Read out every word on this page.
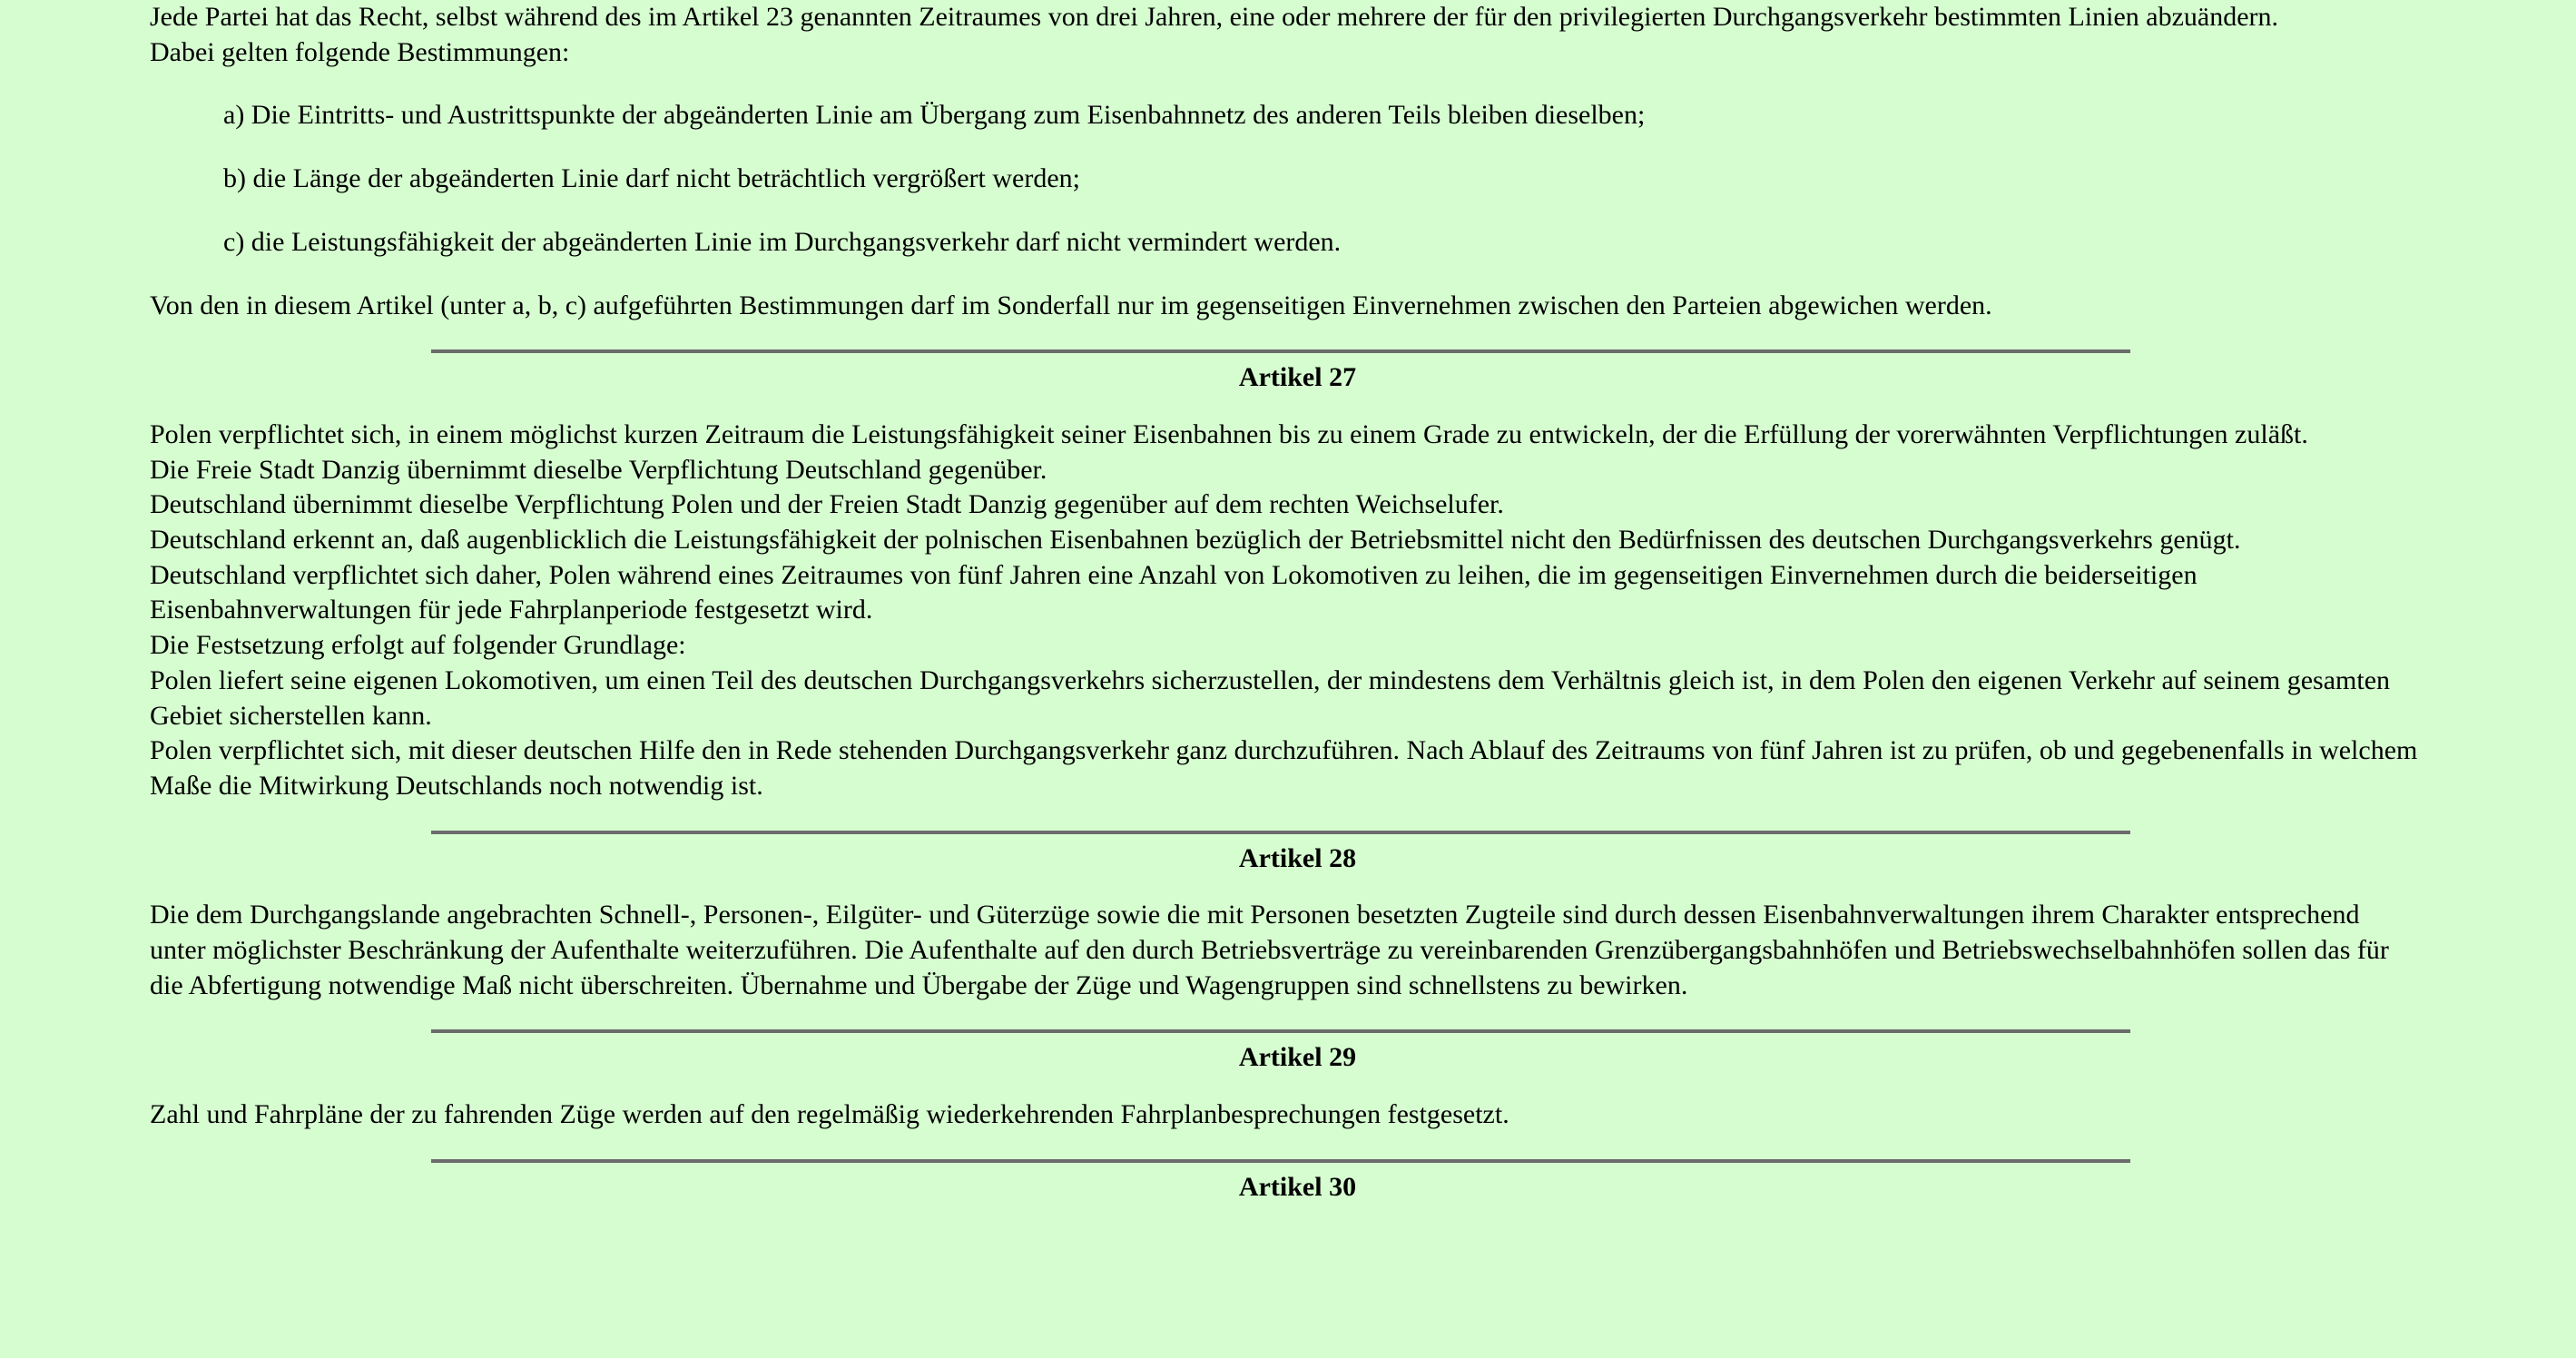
Jede Partei hat das Recht, selbst während des im Artikel 23 genannten Zeitraumes von drei Jahren, eine oder mehrere der für den privilegierten Durchgangsverkehr bestimmten Linien abzuändern.

Dabei gelten folgende Bestimmungen:

a) Die Eintritts- und Austrittspunkte der abgeänderten Linie am Übergang zum Eisenbahnnetz des anderen Teils bleiben dieselben;

b) die Länge der abgeänderten Linie darf nicht beträchtlich vergrößert werden;

c) die Leistungsfähigkeit der abgeänderten Linie im Durchgangsverkehr darf nicht vermindert werden.

Von den in diesem Artikel (unter a, b, c) aufgeführten Bestimmungen darf im Sonderfall nur im gegenseitigen Einvernehmen zwischen den Parteien abgewichen werden.

Artikel 27

Polen verpflichtet sich, in einem möglichst kurzen Zeitraum die Leistungsfähigkeit seiner Eisenbahnen bis zu einem Grade zu entwickeln, der die Erfüllung der vorerwähnten Verpflichtungen zuläßt.

Die Freie Stadt Danzig übernimmt dieselbe Verpflichtung Deutschland gegenüber.

Deutschland übernimmt dieselbe Verpflichtung Polen und der Freien Stadt Danzig gegenüber auf dem rechten Weichselufer.

Deutschland erkennt an, daß augenblicklich die Leistungsfähigkeit der polnischen Eisenbahnen bezüglich der Betriebsmittel nicht den Bedürfnissen des deutschen Durchgangsverkehrs genügt.

Deutschland verpflichtet sich daher, Polen während eines Zeitraumes von fünf Jahren eine Anzahl von Lokomotiven zu leihen, die im gegenseitigen Einvernehmen durch die beiderseitigen Eisenbahnverwaltungen für jede Fahrplanperiode festgesetzt wird.

Die Festsetzung erfolgt auf folgender Grundlage:

Polen liefert seine eigenen Lokomotiven, um einen Teil des deutschen Durchgangsverkehrs sicherzustellen, der mindestens dem Verhältnis gleich ist, in dem Polen den eigenen Verkehr auf seinem gesamten Gebiet sicherstellen kann.

Polen verpflichtet sich, mit dieser deutschen Hilfe den in Rede stehenden Durchgangsverkehr ganz durchzuführen. Nach Ablauf des Zeitraums von fünf Jahren ist zu prüfen, ob und gegebenenfalls in welchem Maße die Mitwirkung Deutschlands noch notwendig ist.

Artikel 28

Die dem Durchgangslande angebrachten Schnell-, Personen-, Eilgüter- und Güterzüge sowie die mit Personen besetzten Zugteile sind durch dessen Eisenbahnverwaltungen ihrem Charakter entsprechend unter möglichster Beschränkung der Aufenthalte weiterzuführen. Die Aufenthalte auf den durch Betriebsverträge zu vereinbarenden Grenzübergangsbahnhöfen und Betriebswechselbahnhöfen sollen das für die Abfertigung notwendige Maß nicht überschreiten. Übernahme und Übergabe der Züge und Wagengruppen sind schnellstens zu bewirken.

Artikel 29

Zahl und Fahrpläne der zu fahrenden Züge werden auf den regelmäßig wiederkehrenden Fahrplanbesprechungen festgesetzt.

Artikel 30
